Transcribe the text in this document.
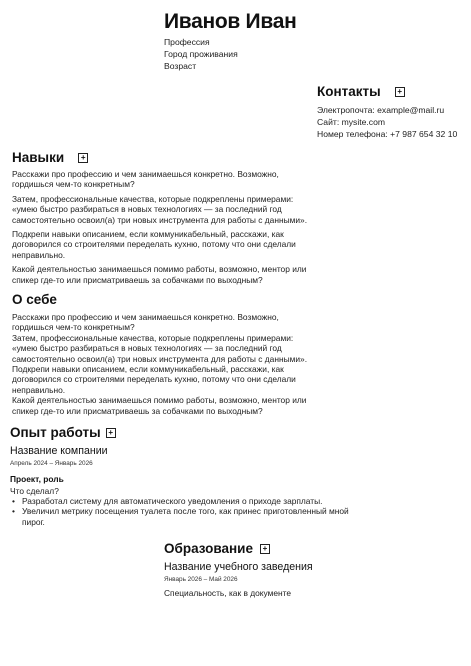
Иванов Иван
Профессия
Город проживания
Возраст
Контакты	+
Электропочта: example@mail.ru
Сайт: mysite.com
Номер телефона: +7 987 654 32 10
Навыки	+

Расскажи про профессию и чем занимаешься конкретно. Возможно, гордишься чем-то конкретным?

Затем, профессиональные качества, которые подкреплены примерами: «умею быстро разбираться в новых технологиях — за последний год самостоятельно освоил(а) три новых инструмента для работы с данными».

Подкрепи навыки описанием, если коммуникабельный, расскажи, как договорился со строителями переделать кухню, потому что они сделали неправильно.

Какой деятельностью занимаешься помимо работы, возможно, ментор или спикер где-то или присматриваешь за собачками по выходным?

О себе

Расскажи про профессию и чем занимаешься конкретно. Возможно, гордишься чем-то конкретным?

Затем, профессиональные качества, которые подкреплены примерами: «умею быстро разбираться в новых технологиях — за последний год самостоятельно освоил(а) три новых инструмента для работы с данными».

Подкрепи навыки описанием, если коммуникабельный, расскажи, как договорился со строителями переделать кухню, потому что они сделали неправильно.

Какой деятельностью занимаешься помимо работы, возможно, ментор или спикер где-то или присматриваешь за собачками по выходным?

Опыт работы +
Название компании
Апрель 2024 – Январь 2026
Проект, роль
Что сделал?
• Разработал систему для автоматического уведомления о приходе зарплаты.
• Увеличил метрику посещения туалета после того, как принес приготовленный мной пирог.
Образование	+
Название учебного заведения
Январь 2026 – Май 2026
Специальность, как в документе
